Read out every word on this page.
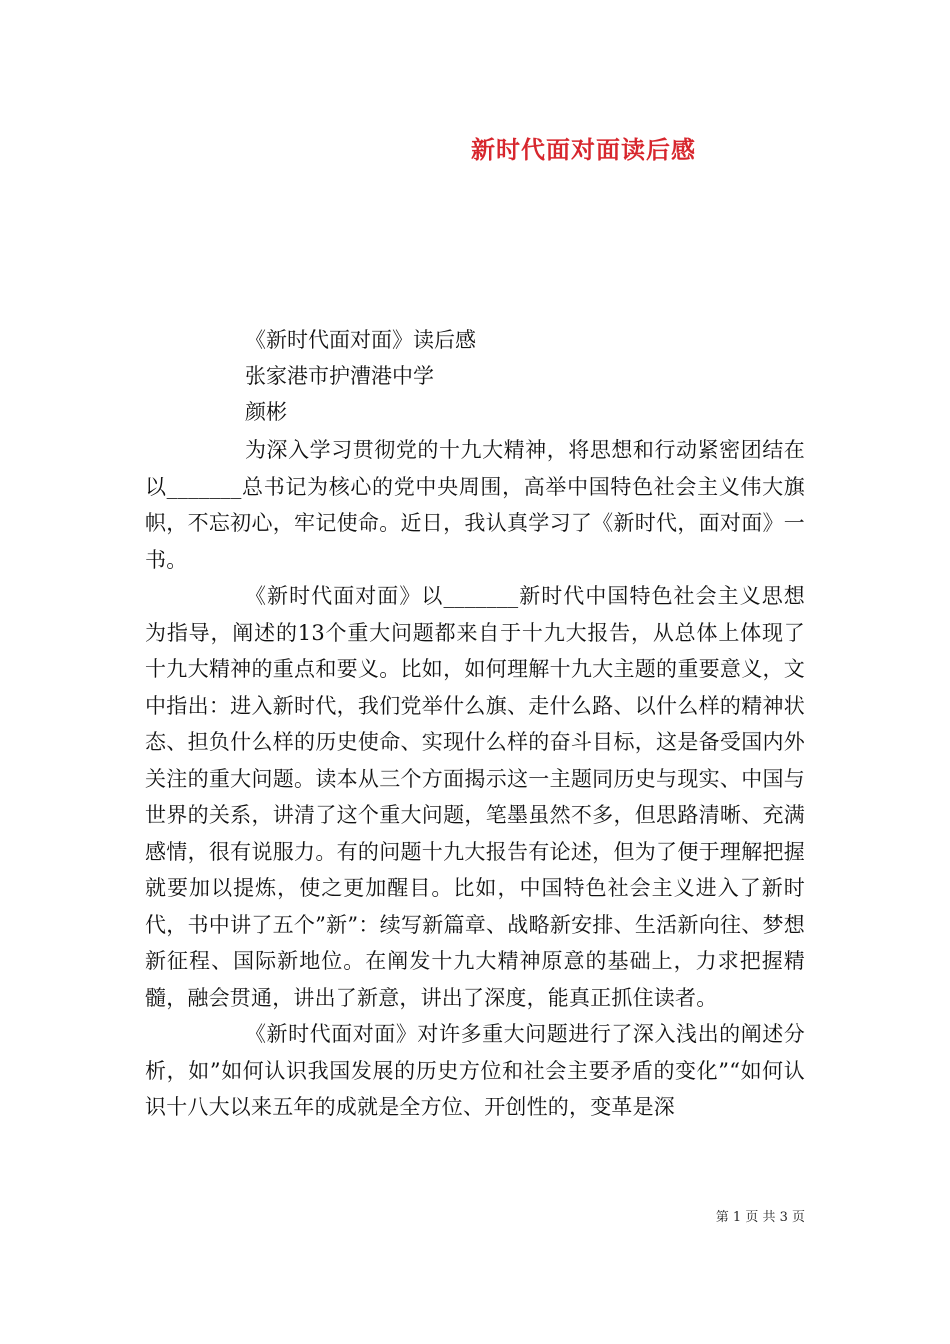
新时代面对面读后感
《新时代面对面》读后感
张家港市护漕港中学
颜彬

为深入学习贯彻党的十九大精神，将思想和行动紧密团结在以_______总书记为核心的党中央周围，高举中国特色社会主义伟大旗帜，不忘初心，牢记使命。近日，我认真学习了《新时代，面对面》一书。

《新时代面对面》以_______新时代中国特色社会主义思想为指导，阐述的13个重大问题都来自于十九大报告，从总体上体现了十九大精神的重点和要义。比如，如何理解十九大主题的重要意义，文中指出：进入新时代，我们党举什么旗、走什么路、以什么样的精神状态、担负什么样的历史使命、实现什么样的奋斗目标，这是备受国内外关注的重大问题。读本从三个方面揭示这一主题同历史与现实、中国与世界的关系，讲清了这个重大问题，笔墨虽然不多，但思路清晰、充满感情，很有说服力。有的问题十九大报告有论述，但为了便于理解把握就要加以提炼，使之更加醒目。比如，中国特色社会主义进入了新时代，书中讲了五个”新”：续写新篇章、战略新安排、生活新向往、梦想新征程、国际新地位。在阐发十九大精神原意的基础上，力求把握精髓，融会贯通，讲出了新意，讲出了深度，能真正抓住读者。

《新时代面对面》对许多重大问题进行了深入浅出的阐述分析，如”如何认识我国发展的历史方位和社会主要矛盾的变化”“如何认识十八大以来五年的成就是全方位、开创性的，变革是深

第 1 页 共 3 页
